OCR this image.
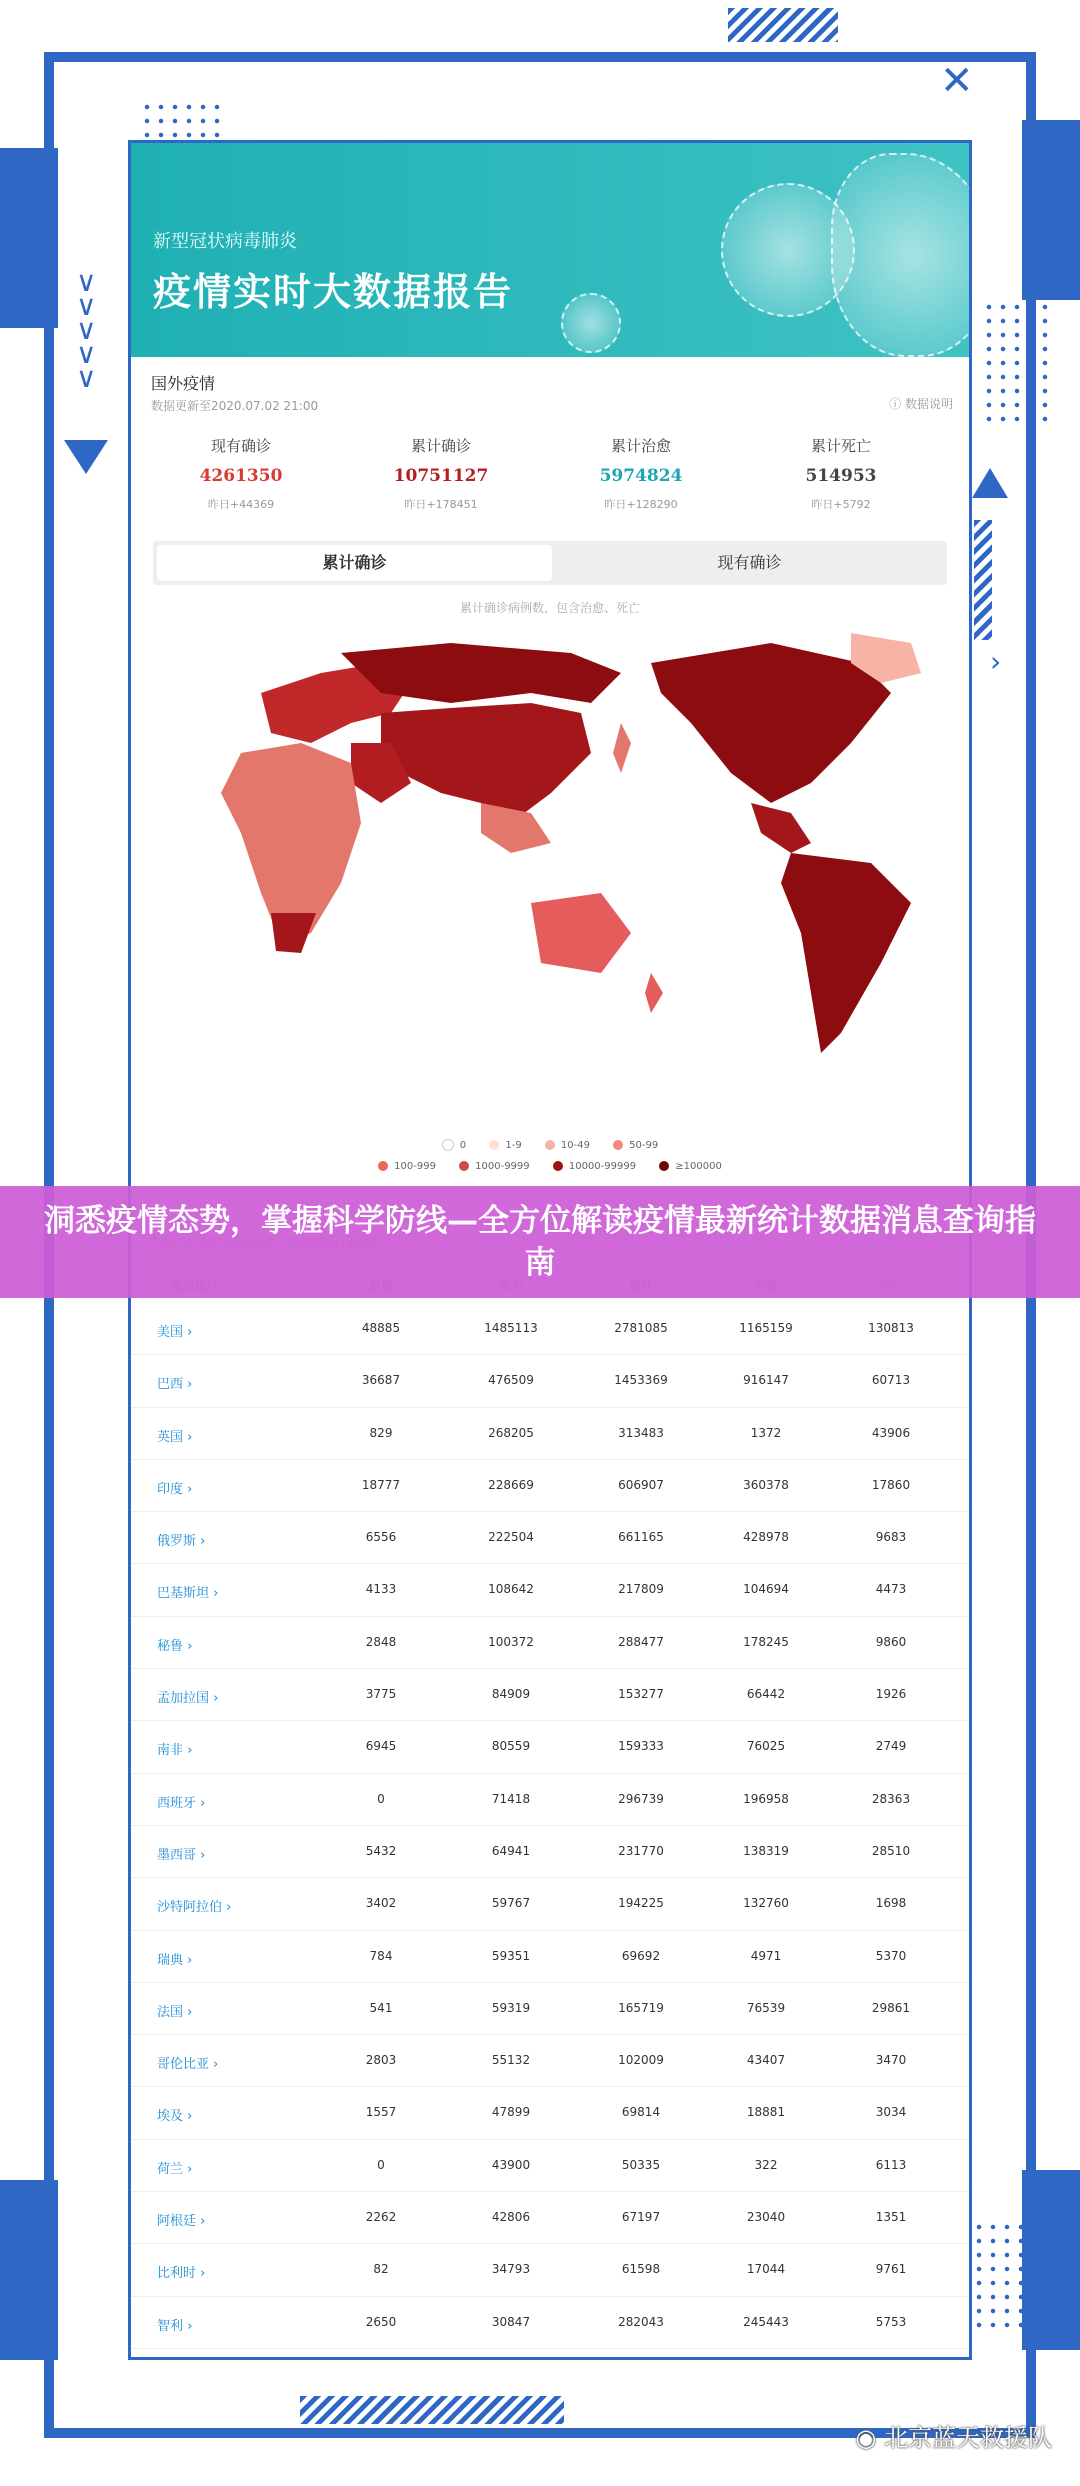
✕
∨
∨
∨
∨
∨
›
新型冠状病毒肺炎
疫情实时大数据报告
国外疫情
数据更新至2020.07.02 21:00	ⓘ 数据说明
现有确诊
4261350
昨日+44369
累计确诊
10751127
昨日+178451
累计治愈
5974824
昨日+128290
累计死亡
514953
昨日+5792
累计确诊	现有确诊
累计确诊病例数，包含治愈、死亡
0	1-9	10-49	50-99
100-999	1000-9999	10000-99999	≥100000
美国 ›	48885	1485113	2781085	1165159	130813
巴西 ›	36687	476509	1453369	916147	60713
英国 ›	829	268205	313483	1372	43906
印度 ›	18777	228669	606907	360378	17860
俄罗斯 ›	6556	222504	661165	428978	9683
巴基斯坦 ›	4133	108642	217809	104694	4473
秘鲁 ›	2848	100372	288477	178245	9860
孟加拉国 ›	3775	84909	153277	66442	1926
南非 ›	6945	80559	159333	76025	2749
西班牙 ›	0	71418	296739	196958	28363
墨西哥 ›	5432	64941	231770	138319	28510
沙特阿拉伯 ›	3402	59767	194225	132760	1698
瑞典 ›	784	59351	69692	4971	5370
法国 ›	541	59319	165719	76539	29861
哥伦比亚 ›	2803	55132	102009	43407	3470
埃及 ›	1557	47899	69814	18881	3034
荷兰 ›	0	43900	50335	322	6113
阿根廷 ›	2262	42806	67197	23040	1351
比利时 ›	82	34793	61598	17044	9761
智利 ›	2650	30847	282043	245443	5753
洞悉疫情态势，掌握科学防线—全方位解读疫情最新统计数据消息查询指南
◉ 北京蓝天救援队
